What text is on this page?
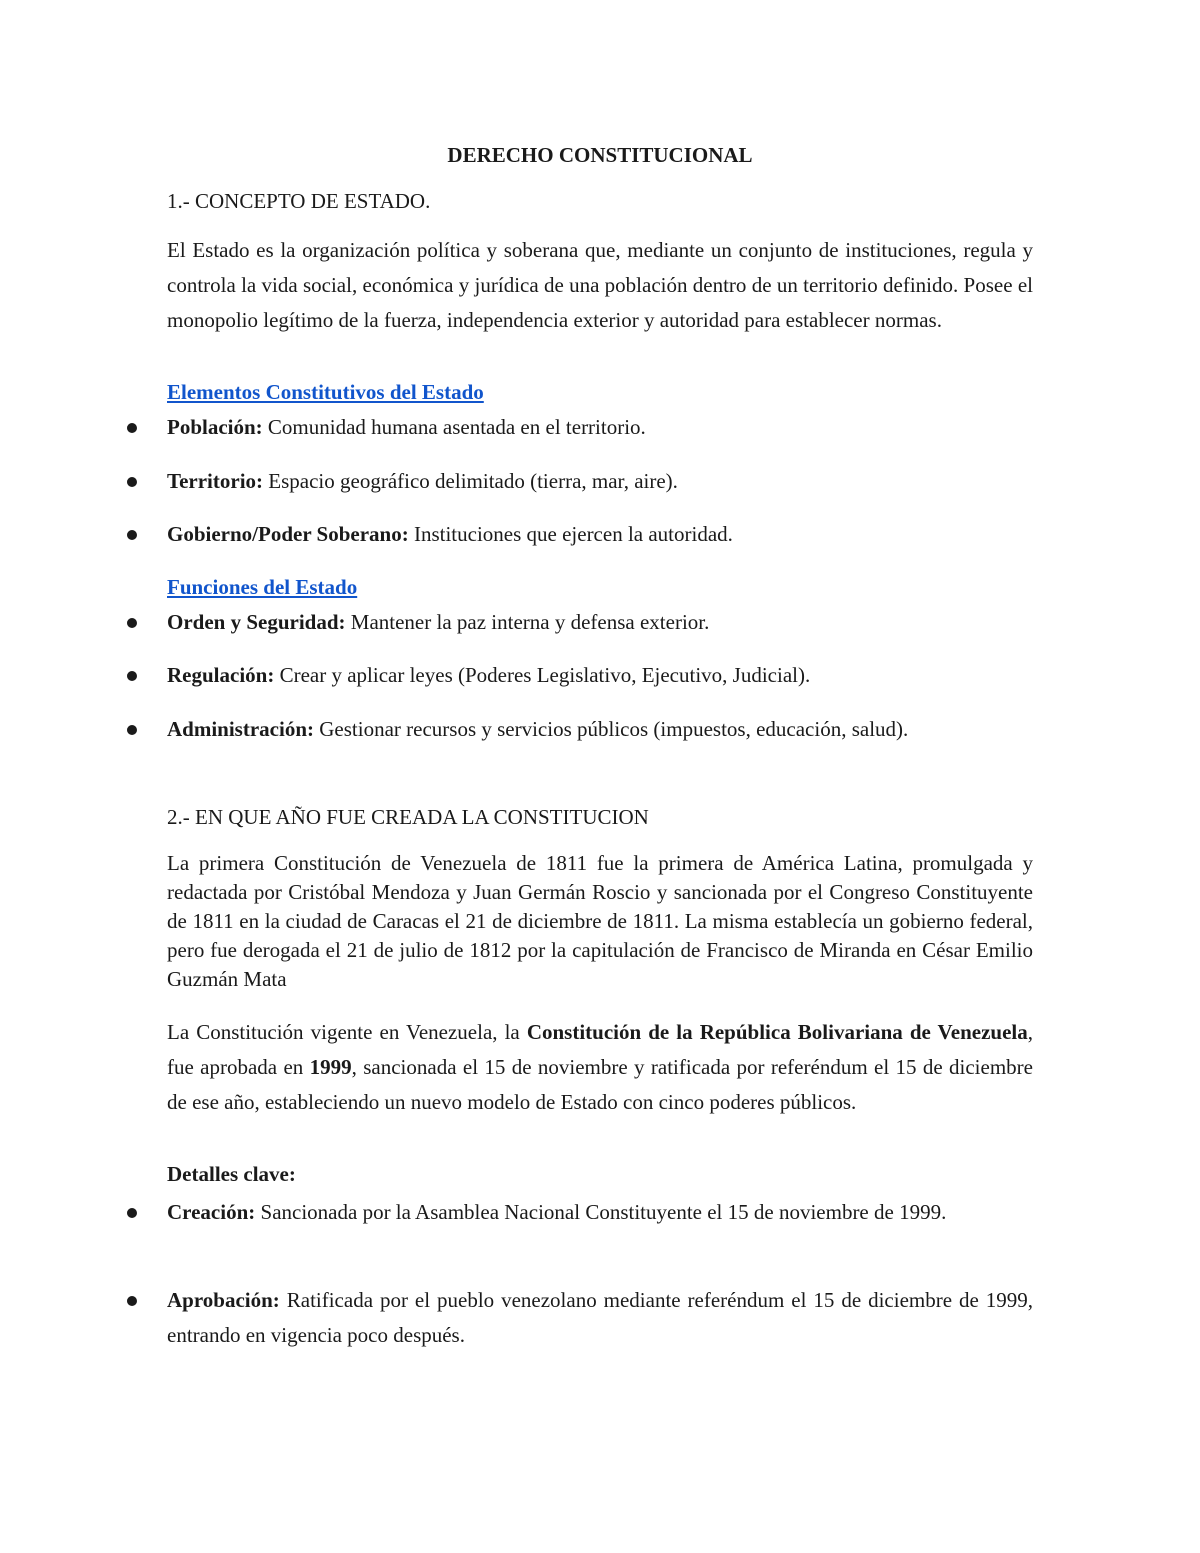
DERECHO CONSTITUCIONAL
1.- CONCEPTO DE ESTADO.

El Estado es la organización política y soberana que, mediante un conjunto de instituciones, regula y controla la vida social, económica y jurídica de una población dentro de un territorio definido. Posee el monopolio legítimo de la fuerza, independencia exterior y autoridad para establecer normas.

Elementos Constitutivos del Estado
Población: Comunidad humana asentada en el territorio.
Territorio: Espacio geográfico delimitado (tierra, mar, aire).
Gobierno/Poder Soberano: Instituciones que ejercen la autoridad.
Funciones del Estado
Orden y Seguridad: Mantener la paz interna y defensa exterior.
Regulación: Crear y aplicar leyes (Poderes Legislativo, Ejecutivo, Judicial).
Administración: Gestionar recursos y servicios públicos (impuestos, educación, salud).
2.- EN QUE AÑO FUE CREADA LA CONSTITUCION

La primera Constitución de Venezuela de 1811 fue la primera de América Latina, promulgada y redactada por Cristóbal Mendoza y Juan Germán Roscio y sancionada por el Congreso Constituyente de 1811 en la ciudad de Caracas el 21 de diciembre de 1811. La misma establecía un gobierno federal, pero fue derogada el 21 de julio de 1812 por la capitulación de Francisco de Miranda en César Emilio Guzmán Mata

La Constitución vigente en Venezuela, la Constitución de la República Bolivariana de Venezuela, fue aprobada en 1999, sancionada el 15 de noviembre y ratificada por referéndum el 15 de diciembre de ese año, estableciendo un nuevo modelo de Estado con cinco poderes públicos.

Detalles clave:
Creación: Sancionada por la Asamblea Nacional Constituyente el 15 de noviembre de 1999.
Aprobación: Ratificada por el pueblo venezolano mediante referéndum el 15 de diciembre de 1999, entrando en vigencia poco después.
